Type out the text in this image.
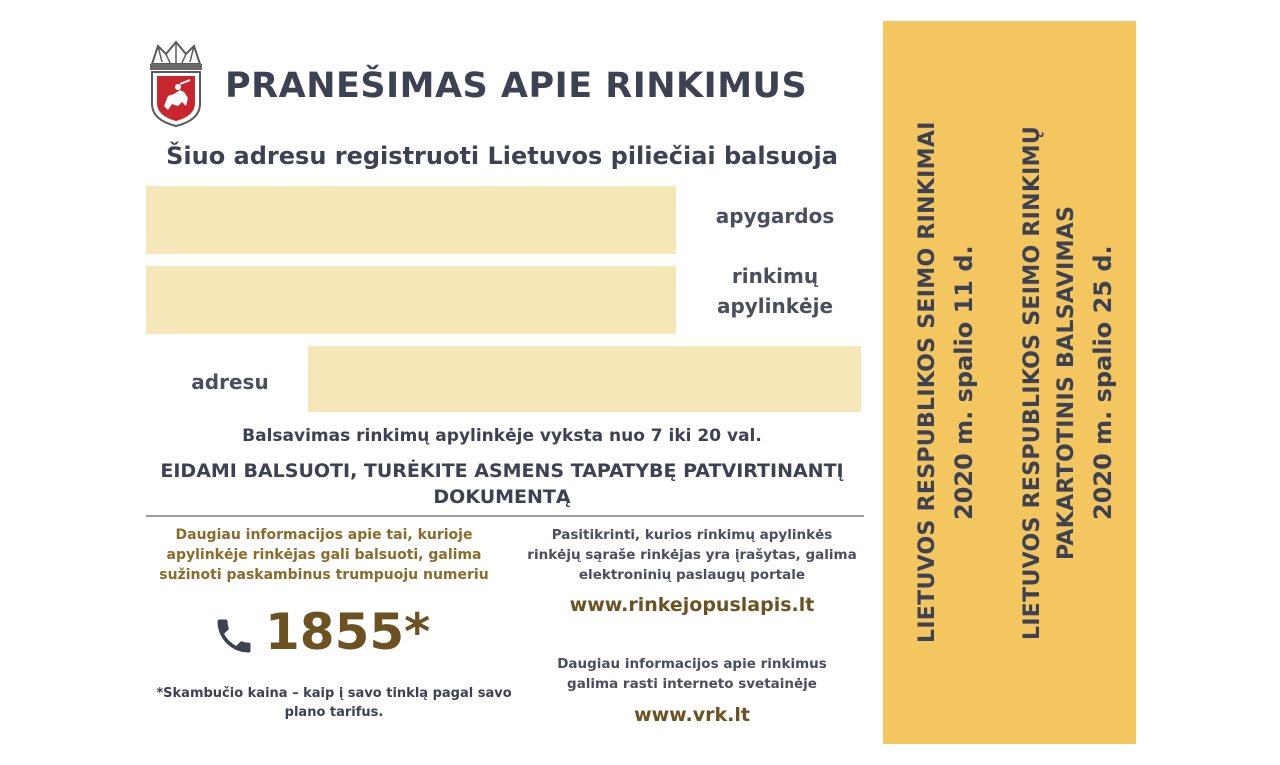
PRANEŠIMAS APIE RINKIMUS
Šiuo adresu registruoti Lietuvos piliečiai balsuoja
apygardos
rinkimų
apylinkėje
adresu
Balsavimas rinkimų apylinkėje vyksta nuo 7 iki 20 val.
EIDAMI BALSUOTI, TURĖKITE ASMENS TAPATYBĘ PATVIRTINANTĮ
DOKUMENTĄ
Daugiau informacijos apie tai, kurioje
apylinkėje rinkėjas gali balsuoti, galima
sužinoti paskambinus trumpuoju numeriu
1855*
*Skambučio kaina – kaip į savo tinklą pagal savo
plano tarifus.
Pasitikrinti, kurios rinkimų apylinkės
rinkėjų sąraše rinkėjas yra įrašytas, galima
elektroninių paslaugų portale
www.rinkejopuslapis.lt
Daugiau informacijos apie rinkimus
galima rasti interneto svetainėje
www.vrk.lt
LIETUVOS RESPUBLIKOS SEIMO RINKIMAI 2020 m. spalio 11 d. LIETUVOS RESPUBLIKOS SEIMO RINKIMŲ PAKARTOTINIS BALSAVIMAS 2020 m. spalio 25 d.
